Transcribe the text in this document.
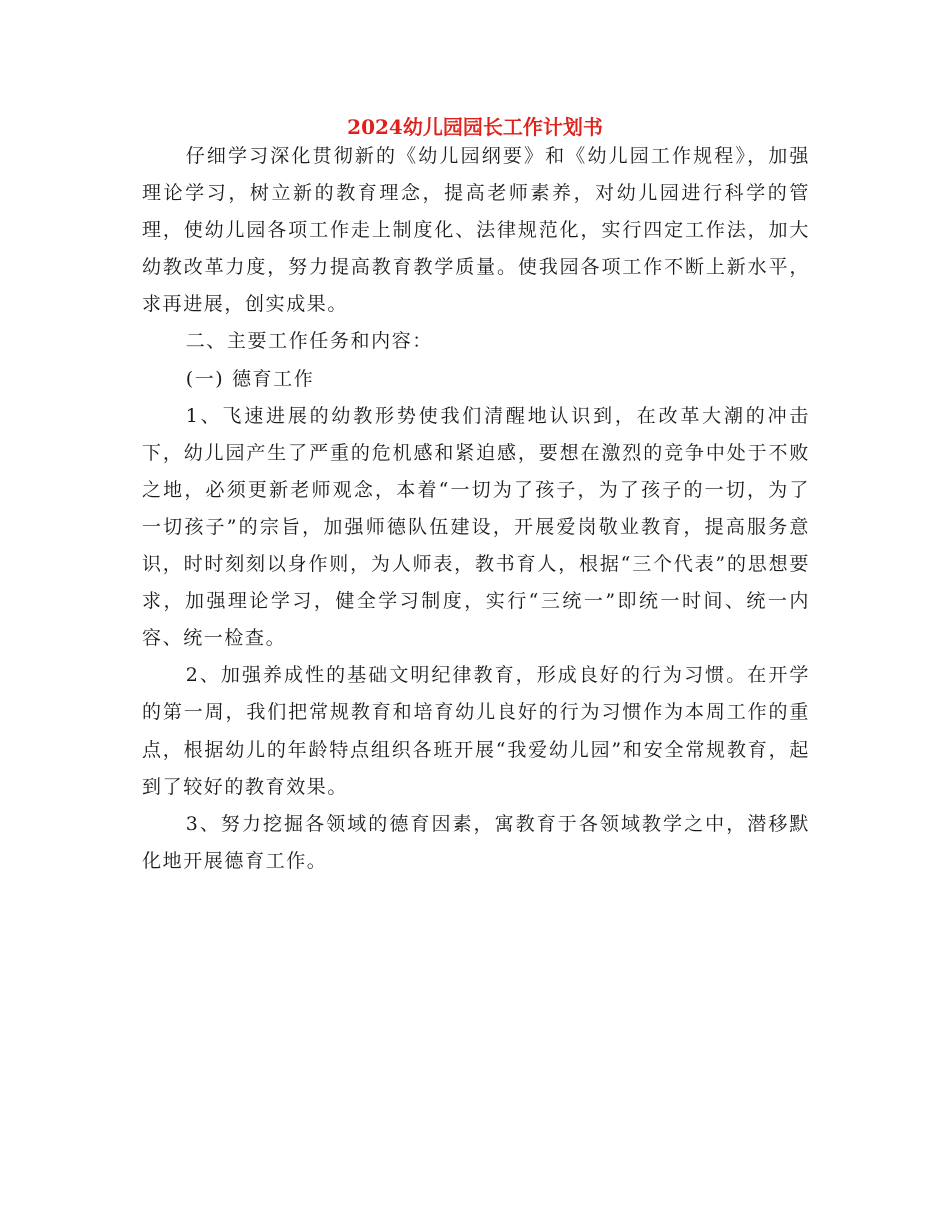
2024幼儿园园长工作计划书

仔细学习深化贯彻新的《幼儿园纲要》和《幼儿园工作规程》，加强理论学习，树立新的教育理念，提高老师素养，对幼儿园进行科学的管理，使幼儿园各项工作走上制度化、法律规范化，实行四定工作法，加大幼教改革力度，努力提高教育教学质量。使我园各项工作不断上新水平，求再进展，创实成果。

二、主要工作任务和内容：

(一) 德育工作

1、飞速进展的幼教形势使我们清醒地认识到，在改革大潮的冲击下，幼儿园产生了严重的危机感和紧迫感，要想在激烈的竞争中处于不败之地，必须更新老师观念，本着“一切为了孩子，为了孩子的一切，为了一切孩子”的宗旨，加强师德队伍建设，开展爱岗敬业教育，提高服务意识，时时刻刻以身作则，为人师表，教书育人，根据“三个代表”的思想要求，加强理论学习，健全学习制度，实行“三统一”即统一时间、统一内容、统一检查。

2、加强养成性的基础文明纪律教育，形成良好的行为习惯。在开学的第一周，我们把常规教育和培育幼儿良好的行为习惯作为本周工作的重点，根据幼儿的年龄特点组织各班开展“我爱幼儿园”和安全常规教育，起到了较好的教育效果。

3、努力挖掘各领域的德育因素，寓教育于各领域教学之中，潜移默化地开展德育工作。
